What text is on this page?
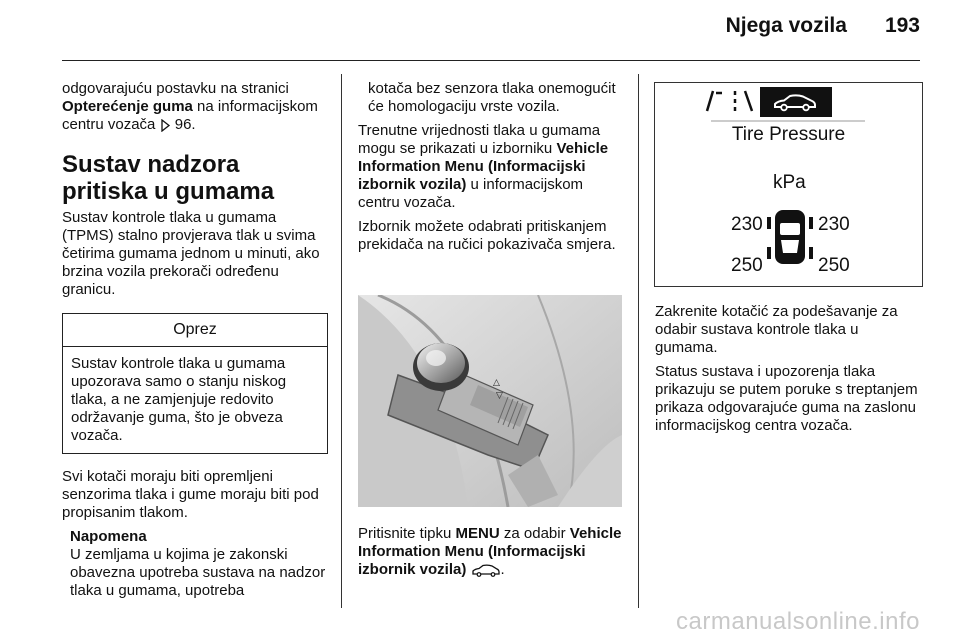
Njega vozila 193

odgovarajuću postavku na stranici Opterećenje guma na informacijskom centru vozača  96.

Sustav nadzora pritiska u gumama

Sustav kontrole tlaka u gumama (TPMS) stalno provjerava tlak u svima četirima gumama jednom u minuti, ako brzina vozila prekorači određenu granicu.

Oprez
Sustav kontrole tlaka u gumama upozorava samo o stanju niskog tlaka, a ne zamjenjuje redovito održavanje guma, što je obveza vozača.

Svi kotači moraju biti opremljeni senzorima tlaka i gume moraju biti pod propisanim tlakom.

Napomena
U zemljama u kojima je zakonski obavezna upotreba sustava na nadzor tlaka u gumama, upotreba

kotača bez senzora tlaka onemogućit će homologaciju vrste vozila.

Trenutne vrijednosti tlaka u gumama mogu se prikazati u izborniku Vehicle Information Menu (Informacijski izbornik vozila) u informacijskom centru vozača.

Izbornik možete odabrati pritiskanjem prekidača na ručici pokazivača smjera.

△
▽

Pritisnite tipku MENU za odabir Vehicle Information Menu (Informacijski izbornik vozila) .

Tire Pressure
kPa
230	230
250	250

Zakrenite kotačić za podešavanje za odabir sustava kontrole tlaka u gumama.

Status sustava i upozorenja tlaka prikazuju se putem poruke s treptanjem prikaza odgovarajuće guma na zaslonu informacijskog centra vozača.

carmanualsonline.info
